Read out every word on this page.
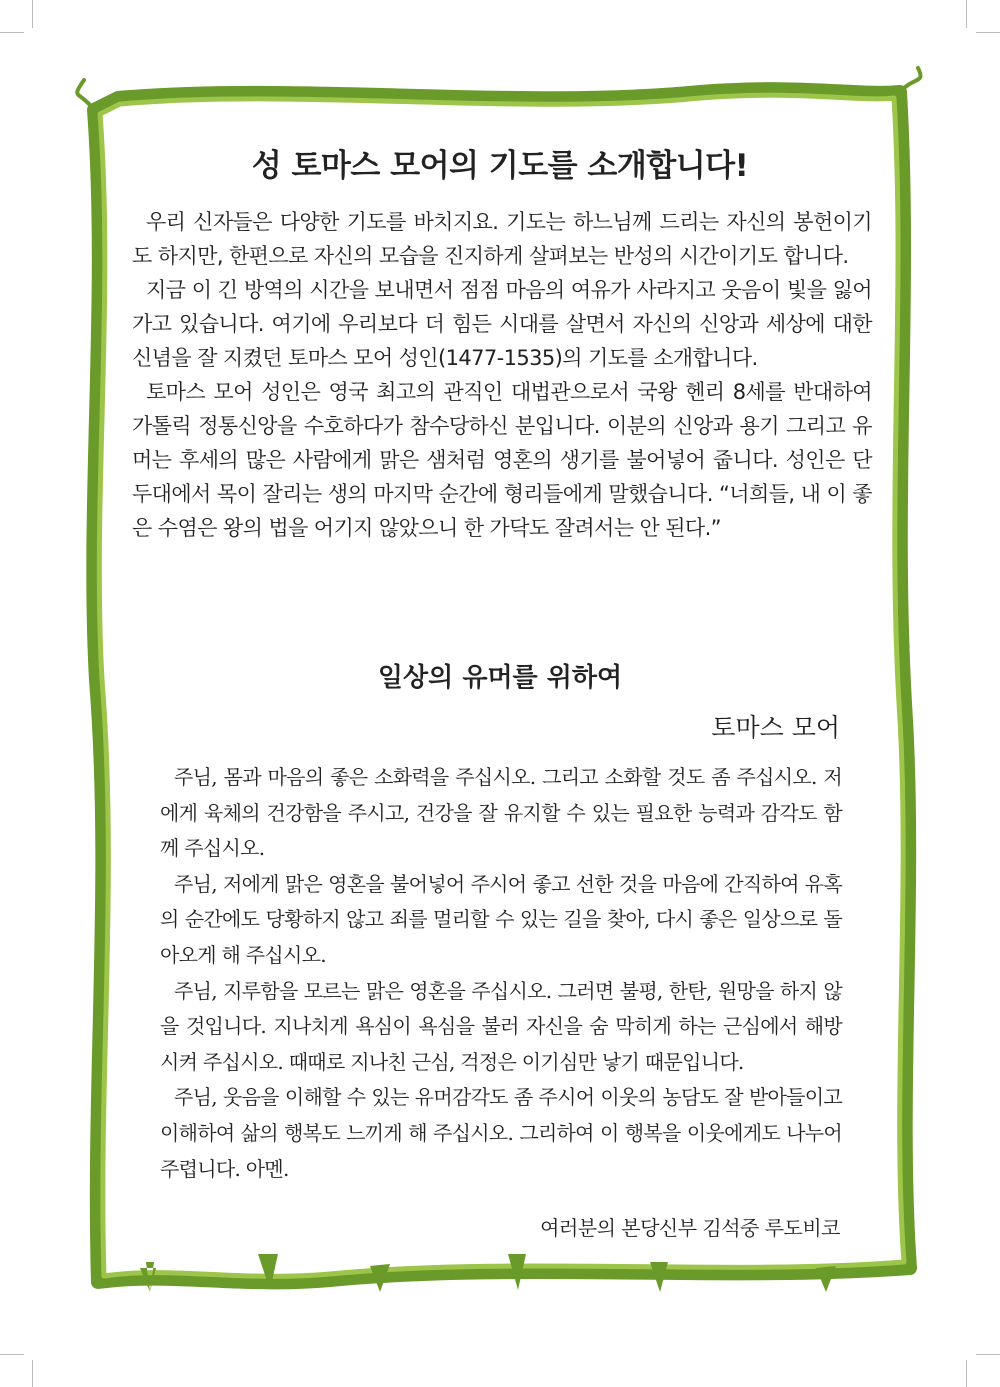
성 토마스 모어의 기도를 소개합니다!

우리 신자들은 다양한 기도를 바치지요. 기도는 하느님께 드리는 자신의 봉헌이기도 하지만, 한편으로 자신의 모습을 진지하게 살펴보는 반성의 시간이기도 합니다.

지금 이 긴 방역의 시간을 보내면서 점점 마음의 여유가 사라지고 웃음이 빛을 잃어가고 있습니다. 여기에 우리보다 더 힘든 시대를 살면서 자신의 신앙과 세상에 대한 신념을 잘 지켰던 토마스 모어 성인(1477-1535)의 기도를 소개합니다.

토마스 모어 성인은 영국 최고의 관직인 대법관으로서 국왕 헨리 8세를 반대하여 가톨릭 정통신앙을 수호하다가 참수당하신 분입니다. 이분의 신앙과 용기 그리고 유머는 후세의 많은 사람에게 맑은 샘처럼 영혼의 생기를 불어넣어 줍니다. 성인은 단두대에서 목이 잘리는 생의 마지막 순간에 형리들에게 말했습니다. “너희들, 내 이 좋은 수염은 왕의 법을 어기지 않았으니 한 가닥도 잘려서는 안 된다.”

일상의 유머를 위하여
토마스 모어

주님, 몸과 마음의 좋은 소화력을 주십시오. 그리고 소화할 것도 좀 주십시오. 저에게 육체의 건강함을 주시고, 건강을 잘 유지할 수 있는 필요한 능력과 감각도 함께 주십시오.

주님, 저에게 맑은 영혼을 불어넣어 주시어 좋고 선한 것을 마음에 간직하여 유혹의 순간에도 당황하지 않고 죄를 멀리할 수 있는 길을 찾아, 다시 좋은 일상으로 돌아오게 해 주십시오.

주님, 지루함을 모르는 맑은 영혼을 주십시오. 그러면 불평, 한탄, 원망을 하지 않을 것입니다. 지나치게 욕심이 욕심을 불러 자신을 숨 막히게 하는 근심에서 해방시켜 주십시오. 때때로 지나친 근심, 걱정은 이기심만 낳기 때문입니다.

주님, 웃음을 이해할 수 있는 유머감각도 좀 주시어 이웃의 농담도 잘 받아들이고 이해하여 삶의 행복도 느끼게 해 주십시오. 그리하여 이 행복을 이웃에게도 나누어 주렵니다. 아멘.

여러분의 본당신부 김석중 루도비코
